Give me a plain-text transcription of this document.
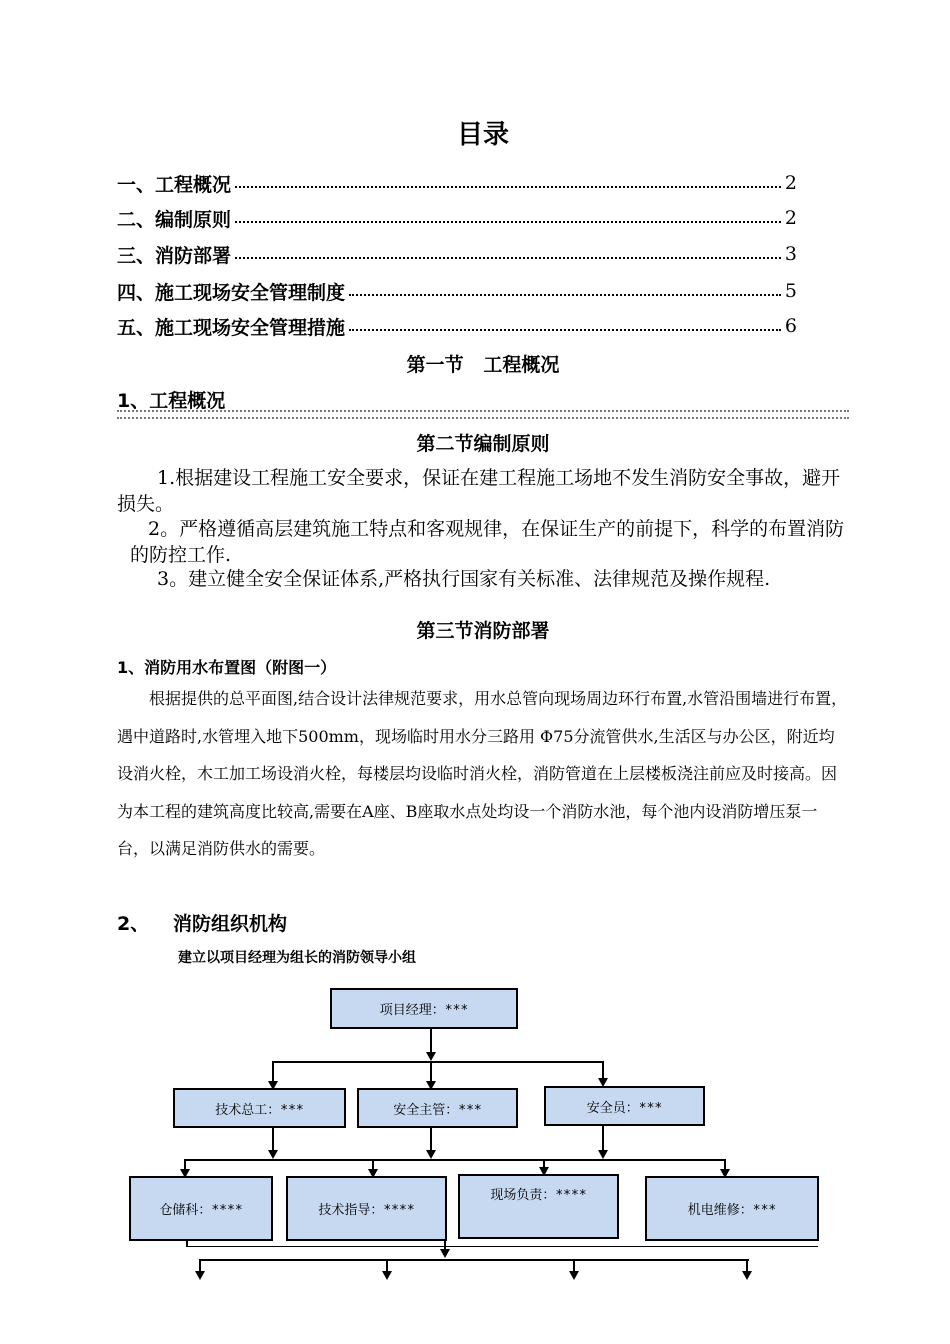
目录
一、工程概况	2
二、编制原则	2
三、消防部署	3
四、施工现场安全管理制度	5
五、施工现场安全管理措施	6
第一节   工程概况
1、工程概况
第二节编制原则
1.根据建设工程施工安全要求，保证在建工程施工场地不发生消防安全事故，避开损失。
2。严格遵循高层建筑施工特点和客观规律，在保证生产的前提下，科学的布置消防的防控工作.
3。建立健全安全保证体系,严格执行国家有关标准、法律规范及操作规程.
第三节消防部署
1、消防用水布置图（附图一）
根据提供的总平面图,结合设计法律规范要求，用水总管向现场周边环行布置,水管沿围墙进行布置，遇中道路时,水管埋入地下500mm，现场临时用水分三路用 Φ75分流管供水,生活区与办公区，附近均设消火栓，木工加工场设消火栓，每楼层均设临时消火栓，消防管道在上层楼板浇注前应及时接高。因为本工程的建筑高度比较高,需要在A座、B座取水点处均设一个消防水池，每个池内设消防增压泵一台，以满足消防供水的需要。
2、 消防组织机构
建立以项目经理为组长的消防领导小组
项目经理：***
技术总工：***	安全主管：***	安全员：***
仓储科：****	技术指导：****
现场负责：****
机电维修：***
